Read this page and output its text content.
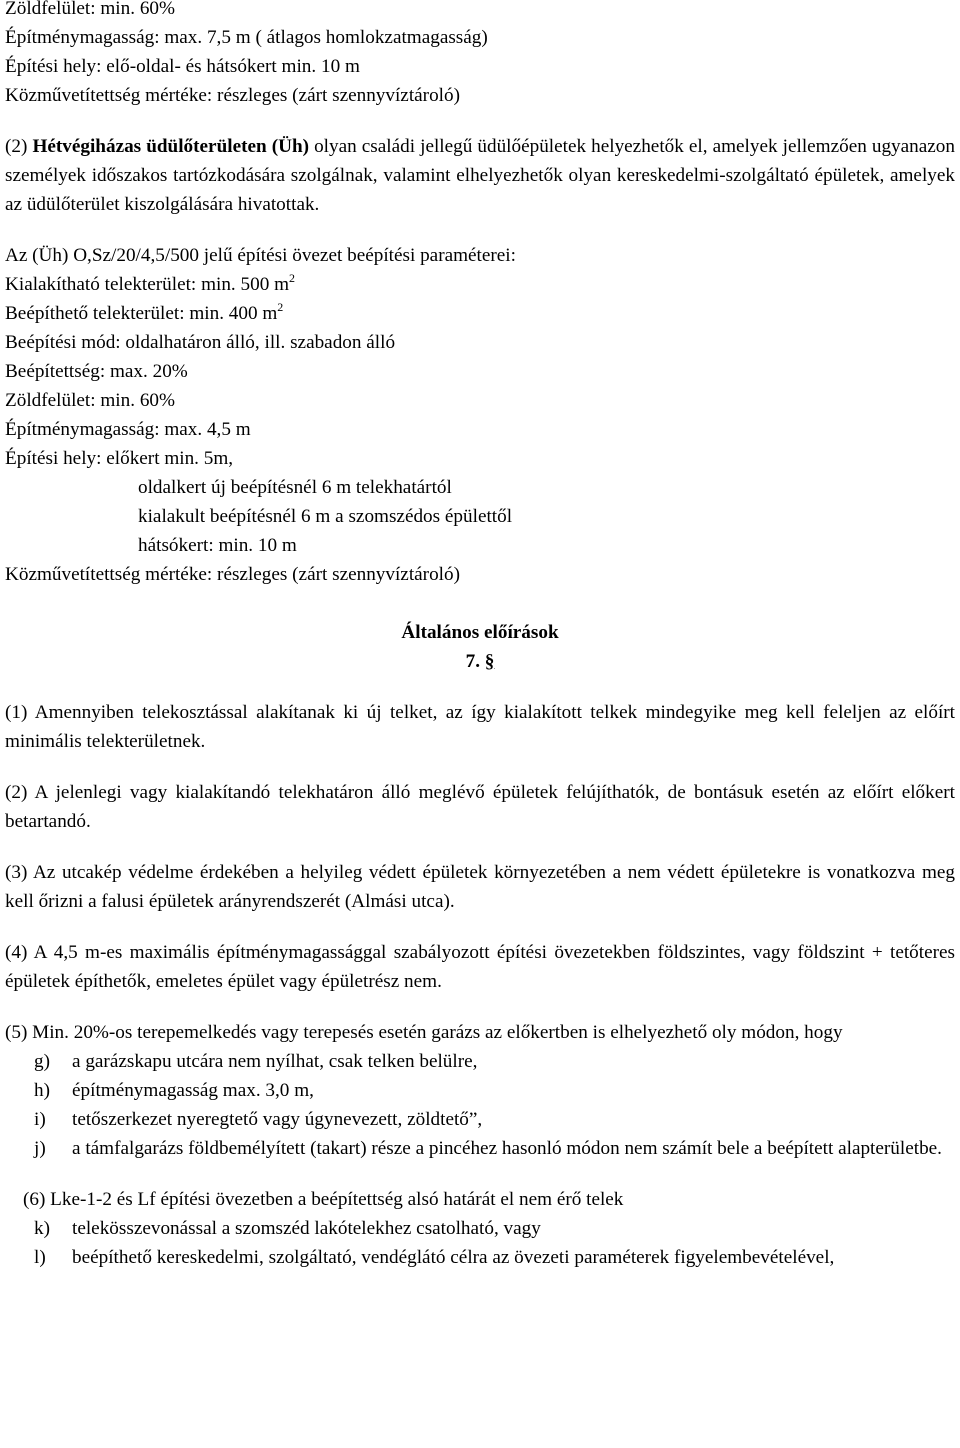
Zöldfelület: min. 60%
Építménymagasság: max. 7,5 m ( átlagos homlokzatmagasság)
Építési hely: elő-oldal- és hátsókert min. 10 m
Közművetítettség mértéke: részleges (zárt szennyvíztároló)

(2) Hétvégiházas üdülőterületen (Üh) olyan családi jellegű üdülőépületek helyezhetők el, amelyek jellemzően ugyanazon személyek időszakos tartózkodására szolgálnak, valamint elhelyezhetők olyan kereskedelmi-szolgáltató épületek, amelyek az üdülőterület kiszolgálására hivatottak.

Az (Üh) O,Sz/20/4,5/500 jelű építési övezet beépítési paraméterei:
Kialakítható telekterület: min. 500 $m^2$
Beépíthető telekterület: min. 400 $m^2$
Beépítési mód: oldalhatáron álló, ill. szabadon álló
Beépítettség: max. 20%
Zöldfelület: min. 60%
Építménymagasság: max. 4,5 m
Építési hely: előkert min. 5m,
oldalkert új beépítésnél 6 m telekhatártól
kialakult beépítésnél 6 m a szomszédos épülettől
hátsókert: min. 10 m
Közművetítettség mértéke: részleges (zárt szennyvíztároló)
Általános előírások
7. §

(1) Amennyiben telekosztással alakítanak ki új telket, az így kialakított telkek mindegyike meg kell feleljen az előírt minimális telekterületnek.

(2) A jelenlegi vagy kialakítandó telekhatáron álló meglévő épületek felújíthatók, de bontásuk esetén az előírt előkert betartandó.

(3) Az utcakép védelme érdekében a helyileg védett épületek környezetében a nem védett épületekre is vonatkozva meg kell őrizni a falusi épületek arányrendszerét (Almási utca).

(4) A 4,5 m-es maximális építménymagassággal szabályozott építési övezetekben földszintes, vagy földszint + tetőteres épületek építhetők, emeletes épület vagy épületrész nem.

(5) Min. 20%-os terepemelkedés vagy terepesés esetén garázs az előkertben is elhelyezhető oly módon, hogy

g)	a garázskapu utcára nem nyílhat, csak telken belülre,
h)	építménymagasság max. 3,0 m,
i)	tetőszerkezet nyeregtető vagy úgynevezett, zöldtető”,
j)	a támfalgarázs földbemélyített (takart) része a pincéhez hasonló módon nem számít bele a beépített alapterületbe.

(6) Lke-1-2 és Lf építési övezetben a beépítettség alsó határát el nem érő telek

k)	telekösszevonással a szomszéd lakótelekhez csatolható, vagy
l)	beépíthető kereskedelmi, szolgáltató, vendéglátó célra az övezeti paraméterek figyelembevételével,
